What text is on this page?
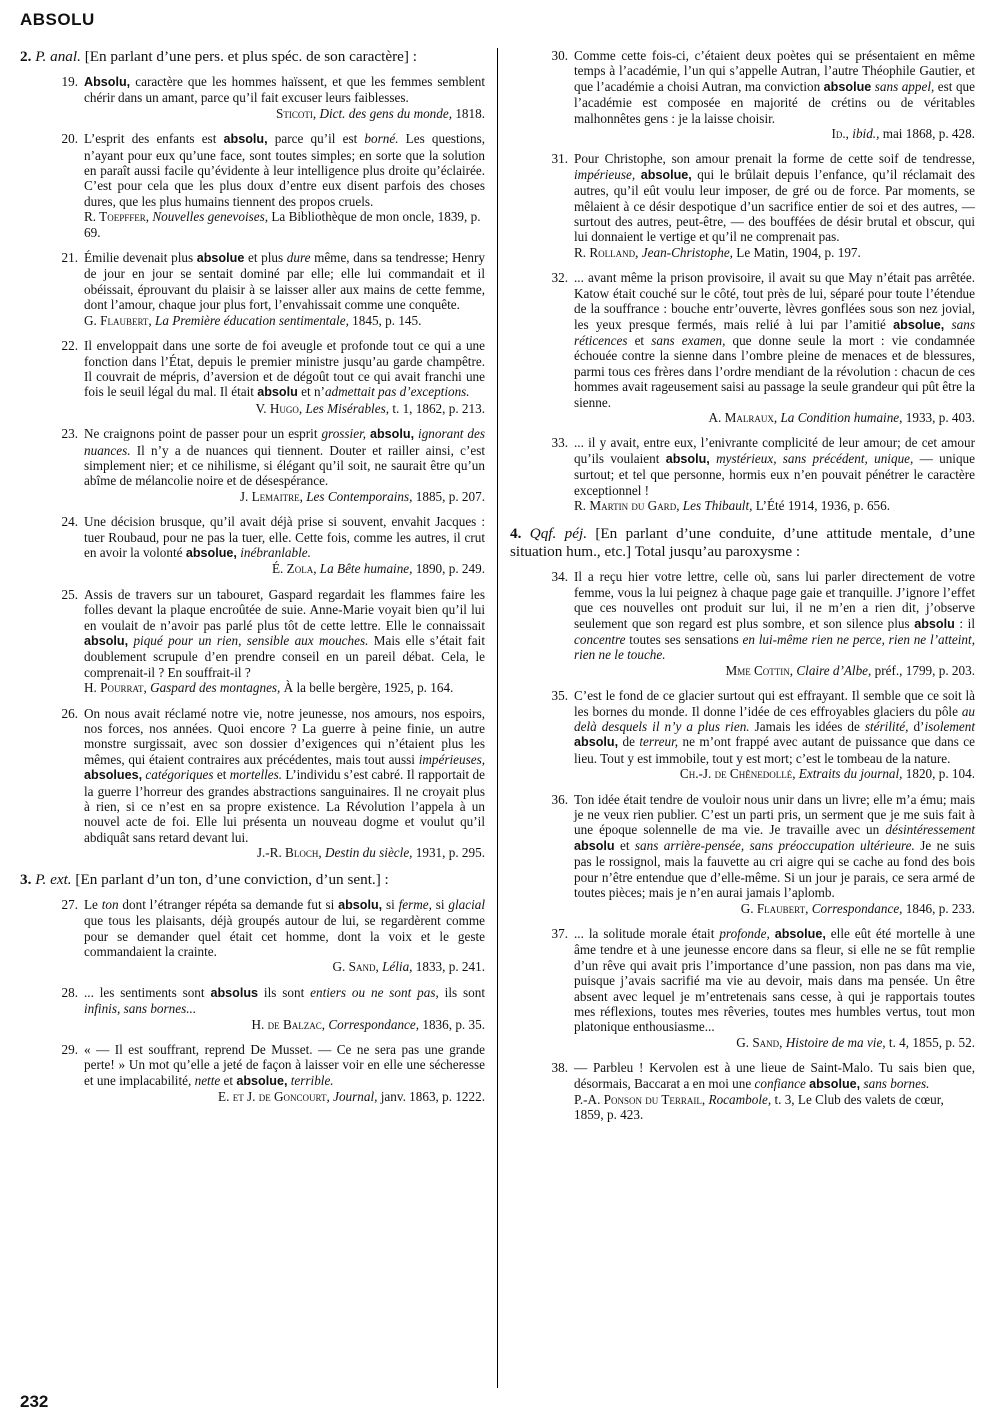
ABSOLU

2. P. anal. [En parlant d’une pers. et plus spéc. de son caractère] :

19. Absolu, caractère que les hommes haïssent, et que les femmes semblent chérir dans un amant, parce qu’il fait excuser leurs faiblesses.
Sticoti, Dict. des gens du monde, 1818.
20. L’esprit des enfants est absolu, parce qu’il est borné. Les questions, n’ayant pour eux qu’une face, sont toutes simples; en sorte que la solution en paraît aussi facile qu’évidente à leur intelligence plus droite qu’éclairée. C’est pour cela que les plus doux d’entre eux disent parfois des choses dures, que les plus humains tiennent des propos cruels.
R. Toepffer, Nouvelles genevoises, La Bibliothèque de mon oncle, 1839, p. 69.
21. Émilie devenait plus absolue et plus dure même, dans sa tendresse; Henry de jour en jour se sentait dominé par elle; elle lui commandait et il obéissait, éprouvant du plaisir à se laisser aller aux mains de cette femme, dont l’amour, chaque jour plus fort, l’envahissait comme une conquête.
G. Flaubert, La Première éducation sentimentale, 1845, p. 145.
22. Il enveloppait dans une sorte de foi aveugle et profonde tout ce qui a une fonction dans l’État, depuis le premier ministre jusqu’au garde champêtre. Il couvrait de mépris, d’aversion et de dégoût tout ce qui avait franchi une fois le seuil légal du mal. Il était absolu et n’admettait pas d’exceptions.
V. Hugo, Les Misérables, t. 1, 1862, p. 213.
23. Ne craignons point de passer pour un esprit grossier, absolu, ignorant des nuances. Il n’y a de nuances qui tiennent. Douter et railler ainsi, c’est simplement nier; et ce nihilisme, si élégant qu’il soit, ne saurait être qu’un abîme de mélancolie noire et de désespérance.
J. Lemaitre, Les Contemporains, 1885, p. 207.
24. Une décision brusque, qu’il avait déjà prise si souvent, envahit Jacques : tuer Roubaud, pour ne pas la tuer, elle. Cette fois, comme les autres, il crut en avoir la volonté absolue, inébranlable.
É. Zola, La Bête humaine, 1890, p. 249.
25. Assis de travers sur un tabouret, Gaspard regardait les flammes faire les folles devant la plaque encroûtée de suie. Anne-Marie voyait bien qu’il lui en voulait de n’avoir pas parlé plus tôt de cette lettre. Elle le connaissait absolu, piqué pour un rien, sensible aux mouches. Mais elle s’était fait doublement scrupule d’en prendre conseil en un pareil débat. Cela, le comprenait-il ? En souffrait-il ?
H. Pourrat, Gaspard des montagnes, À la belle bergère, 1925, p. 164.
26. On nous avait réclamé notre vie, notre jeunesse, nos amours, nos espoirs, nos forces, nos années. Quoi encore ? La guerre à peine finie, un autre monstre surgissait, avec son dossier d’exigences qui n’étaient plus les mêmes, qui étaient contraires aux précédentes, mais tout aussi impérieuses, absolues, catégoriques et mortelles. L’individu s’est cabré. Il rapportait de la guerre l’horreur des grandes abstractions sanguinaires. Il ne croyait plus à rien, si ce n’est en sa propre existence. La Révolution l’appela à un nouvel acte de foi. Elle lui présenta un nouveau dogme et voulut qu’il abdiquât sans retard devant lui.
J.-R. Bloch, Destin du siècle, 1931, p. 295.

3. P. ext. [En parlant d’un ton, d’une conviction, d’un sent.] :

27. Le ton dont l’étranger répéta sa demande fut si absolu, si ferme, si glacial que tous les plaisants, déjà groupés autour de lui, se regardèrent comme pour se demander quel était cet homme, dont la voix et le geste commandaient la crainte.
G. Sand, Lélia, 1833, p. 241.
28. ... les sentiments sont absolus ils sont entiers ou ne sont pas, ils sont infinis, sans bornes...
H. de Balzac, Correspondance, 1836, p. 35.
29. « — Il est souffrant, reprend De Musset. — Ce ne sera pas une grande perte! » Un mot qu’elle a jeté de façon à laisser voir en elle une sécheresse et une implacabilité, nette et absolue, terrible.
E. et J. de Goncourt, Journal, janv. 1863, p. 1222.
30. Comme cette fois-ci, c’étaient deux poètes qui se présentaient en même temps à l’académie, l’un qui s’appelle Autran, l’autre Théophile Gautier, et que l’académie a choisi Autran, ma conviction absolue sans appel, est que l’académie est composée en majorité de crétins ou de véritables malhonnêtes gens : je la laisse choisir.
Id., ibid., mai 1868, p. 428.
31. Pour Christophe, son amour prenait la forme de cette soif de tendresse, impérieuse, absolue, qui le brûlait depuis l’enfance, qu’il réclamait des autres, qu’il eût voulu leur imposer, de gré ou de force. Par moments, se mêlaient à ce désir despotique d’un sacrifice entier de soi et des autres, — surtout des autres, peut-être, — des bouffées de désir brutal et obscur, qui lui donnaient le vertige et qu’il ne comprenait pas.
R. Rolland, Jean-Christophe, Le Matin, 1904, p. 197.
32. ... avant même la prison provisoire, il avait su que May n’était pas arrêtée. Katow était couché sur le côté, tout près de lui, séparé pour toute l’étendue de la souffrance : bouche entr’ouverte, lèvres gonflées sous son nez jovial, les yeux presque fermés, mais relié à lui par l’amitié absolue, sans réticences et sans examen, que donne seule la mort : vie condamnée échouée contre la sienne dans l’ombre pleine de menaces et de blessures, parmi tous ces frères dans l’ordre mendiant de la révolution : chacun de ces hommes avait rageusement saisi au passage la seule grandeur qui pût être la sienne.
A. Malraux, La Condition humaine, 1933, p. 403.
33. ... il y avait, entre eux, l’enivrante complicité de leur amour; de cet amour qu’ils voulaient absolu, mystérieux, sans précédent, unique, — unique surtout; et tel que personne, hormis eux n’en pouvait pénétrer le caractère exceptionnel !
R. Martin du Gard, Les Thibault, L’Été 1914, 1936, p. 656.

4. Qqf. péj. [En parlant d’une conduite, d’une attitude mentale, d’une situation hum., etc.] Total jusqu’au paroxysme :

34. Il a reçu hier votre lettre, celle où, sans lui parler directement de votre femme, vous la lui peignez à chaque page gaie et tranquille. J’ignore l’effet que ces nouvelles ont produit sur lui, il ne m’en a rien dit, j’observe seulement que son regard est plus sombre, et son silence plus absolu : il concentre toutes ses sensations en lui-même rien ne perce, rien ne l’atteint, rien ne le touche.
Mme Cottin, Claire d’Albe, préf., 1799, p. 203.
35. C’est le fond de ce glacier surtout qui est effrayant. Il semble que ce soit là les bornes du monde. Il donne l’idée de ces effroyables glaciers du pôle au delà desquels il n’y a plus rien. Jamais les idées de stérilité, d’isolement absolu, de terreur, ne m’ont frappé avec autant de puissance que dans ce lieu. Tout y est immobile, tout y est mort; c’est le tombeau de la nature.
Ch.-J. de Chênedollé, Extraits du journal, 1820, p. 104.
36. Ton idée était tendre de vouloir nous unir dans un livre; elle m’a ému; mais je ne veux rien publier. C’est un parti pris, un serment que je me suis fait à une époque solennelle de ma vie. Je travaille avec un désintéressement absolu et sans arrière-pensée, sans préoccupation ultérieure. Je ne suis pas le rossignol, mais la fauvette au cri aigre qui se cache au fond des bois pour n’être entendue que d’elle-même. Si un jour je parais, ce sera armé de toutes pièces; mais je n’en aurai jamais l’aplomb.
G. Flaubert, Correspondance, 1846, p. 233.
37. ... la solitude morale était profonde, absolue, elle eût été mortelle à une âme tendre et à une jeunesse encore dans sa fleur, si elle ne se fût remplie d’un rêve qui avait pris l’importance d’une passion, non pas dans ma vie, puisque j’avais sacrifié ma vie au devoir, mais dans ma pensée. Un être absent avec lequel je m’entretenais sans cesse, à qui je rapportais toutes mes réflexions, toutes mes rêveries, toutes mes humbles vertus, tout mon platonique enthousiasme...
G. Sand, Histoire de ma vie, t. 4, 1855, p. 52.
38. — Parbleu ! Kervolen est à une lieue de Saint-Malo. Tu sais bien que, désormais, Baccarat a en moi une confiance absolue, sans bornes.
P.-A. Ponson du Terrail, Rocambole, t. 3, Le Club des valets de cœur, 1859, p. 423.
232
